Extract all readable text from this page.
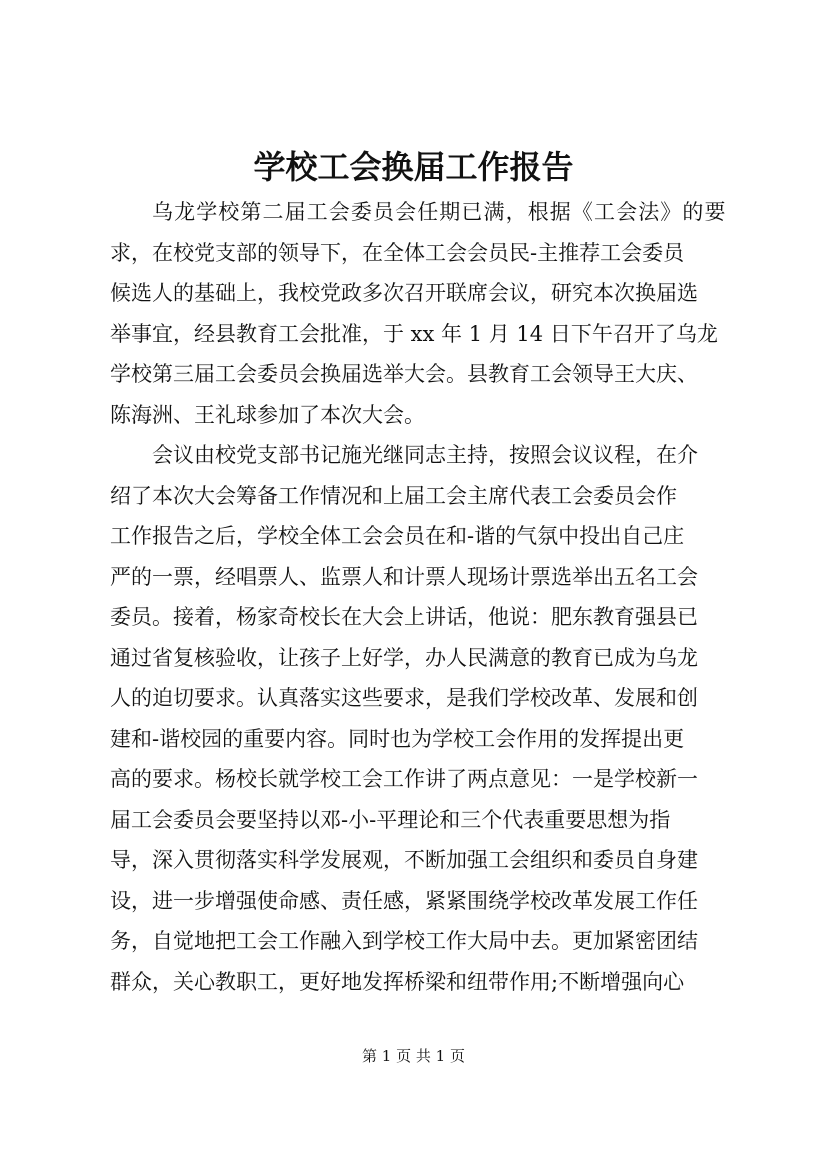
学校工会换届工作报告
乌龙学校第二届工会委员会任期已满，根据《工会法》的要
求，在校党支部的领导下，在全体工会会员民-主推荐工会委员
候选人的基础上，我校党政多次召开联席会议，研究本次换届选
举事宜，经县教育工会批准，于 xx 年 1 月 14 日下午召开了乌龙
学校第三届工会委员会换届选举大会。县教育工会领导王大庆、
陈海洲、王礼球参加了本次大会。
会议由校党支部书记施光继同志主持，按照会议议程，在介
绍了本次大会筹备工作情况和上届工会主席代表工会委员会作
工作报告之后，学校全体工会会员在和-谐的气氛中投出自己庄
严的一票，经唱票人、监票人和计票人现场计票选举出五名工会
委员。接着，杨家奇校长在大会上讲话，他说：肥东教育强县已
通过省复核验收，让孩子上好学，办人民满意的教育已成为乌龙
人的迫切要求。认真落实这些要求，是我们学校改革、发展和创
建和-谐校园的重要内容。同时也为学校工会作用的发挥提出更
高的要求。杨校长就学校工会工作讲了两点意见：一是学校新一
届工会委员会要坚持以邓-小-平理论和三个代表重要思想为指
导，深入贯彻落实科学发展观，不断加强工会组织和委员自身建
设，进一步增强使命感、责任感，紧紧围绕学校改革发展工作任
务，自觉地把工会工作融入到学校工作大局中去。更加紧密团结
群众，关心教职工，更好地发挥桥梁和纽带作用;不断增强向心
第 1 页 共 1 页
